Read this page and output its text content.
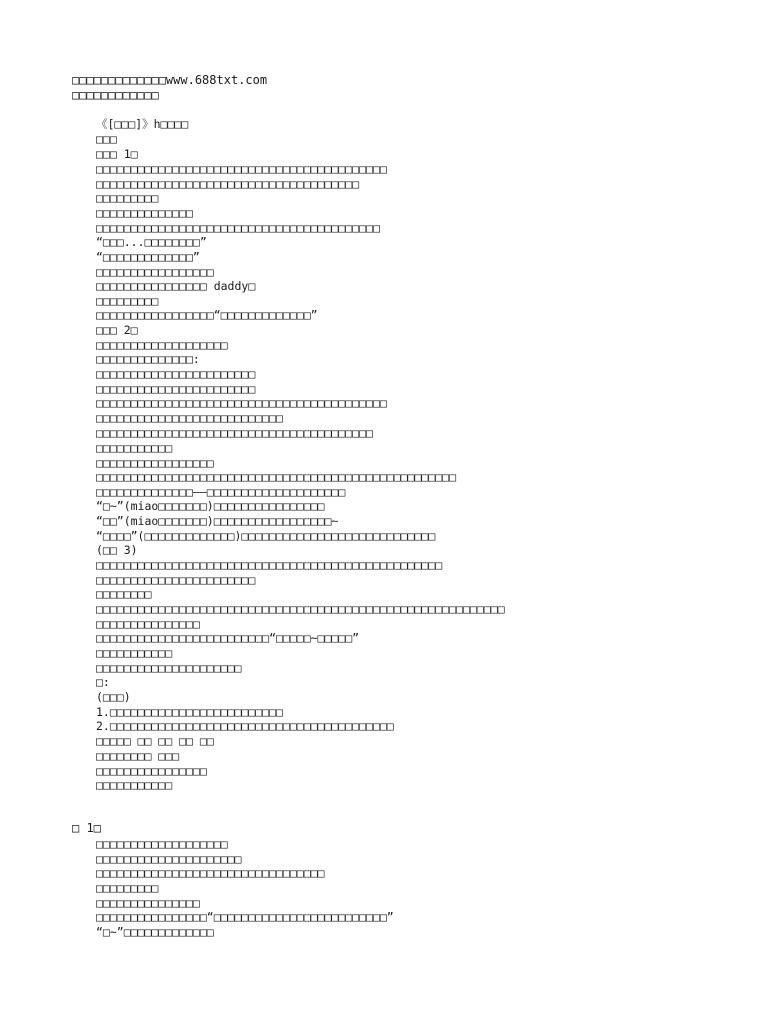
□□□□□□□□□□□□□www.688txt.com
□□□□□□□□□□□□
《[□□□]》h□□□□
□□□
□□□ 1□
□□□□□□□□□□□□□□□□□□□□□□□□□□□□□□□□□□□□□□□□□□
□□□□□□□□□□□□□□□□□□□□□□□□□□□□□□□□□□□□□□
□□□□□□□□□
□□□□□□□□□□□□□□
□□□□□□□□□□□□□□□□□□□□□□□□□□□□□□□□□□□□□□□□□
“□□□...□□□□□□□□”
“□□□□□□□□□□□□□”
□□□□□□□□□□□□□□□□□
□□□□□□□□□□□□□□□□ daddy□
□□□□□□□□□
□□□□□□□□□□□□□□□□□“□□□□□□□□□□□□□”
□□□ 2□
□□□□□□□□□□□□□□□□□□□
□□□□□□□□□□□□□□:
□□□□□□□□□□□□□□□□□□□□□□□
□□□□□□□□□□□□□□□□□□□□□□□
□□□□□□□□□□□□□□□□□□□□□□□□□□□□□□□□□□□□□□□□□□
□□□□□□□□□□□□□□□□□□□□□□□□□□□
□□□□□□□□□□□□□□□□□□□□□□□□□□□□□□□□□□□□□□□□
□□□□□□□□□□□
□□□□□□□□□□□□□□□□□
□□□□□□□□□□□□□□□□□□□□□□□□□□□□□□□□□□□□□□□□□□□□□□□□□□□□
□□□□□□□□□□□□□□——□□□□□□□□□□□□□□□□□□□□
“□~”(miao□□□□□□□)□□□□□□□□□□□□□□□□
“□□”(miao□□□□□□□)□□□□□□□□□□□□□□□□□~
“□□□□”(□□□□□□□□□□□□□)□□□□□□□□□□□□□□□□□□□□□□□□□□□□
(□□ 3)
□□□□□□□□□□□□□□□□□□□□□□□□□□□□□□□□□□□□□□□□□□□□□□□□□□
□□□□□□□□□□□□□□□□□□□□□□□
□□□□□□□□
□□□□□□□□□□□□□□□□□□□□□□□□□□□□□□□□□□□□□□□□□□□□□□□□□□□□□□□□□□□
□□□□□□□□□□□□□□□
□□□□□□□□□□□□□□□□□□□□□□□□□“□□□□□~□□□□□”
□□□□□□□□□□□
□□□□□□□□□□□□□□□□□□□□□
□:
(□□□)
1.□□□□□□□□□□□□□□□□□□□□□□□□□
2.□□□□□□□□□□□□□□□□□□□□□□□□□□□□□□□□□□□□□□□□□
□□□□□ □□ □□ □□ □□
□□□□□□□□ □□□
□□□□□□□□□□□□□□□□
□□□□□□□□□□□
□ 1□
□□□□□□□□□□□□□□□□□□□
□□□□□□□□□□□□□□□□□□□□□
□□□□□□□□□□□□□□□□□□□□□□□□□□□□□□□□□
□□□□□□□□□
□□□□□□□□□□□□□□□
□□□□□□□□□□□□□□□□“□□□□□□□□□□□□□□□□□□□□□□□□□”
“□~”□□□□□□□□□□□□□
